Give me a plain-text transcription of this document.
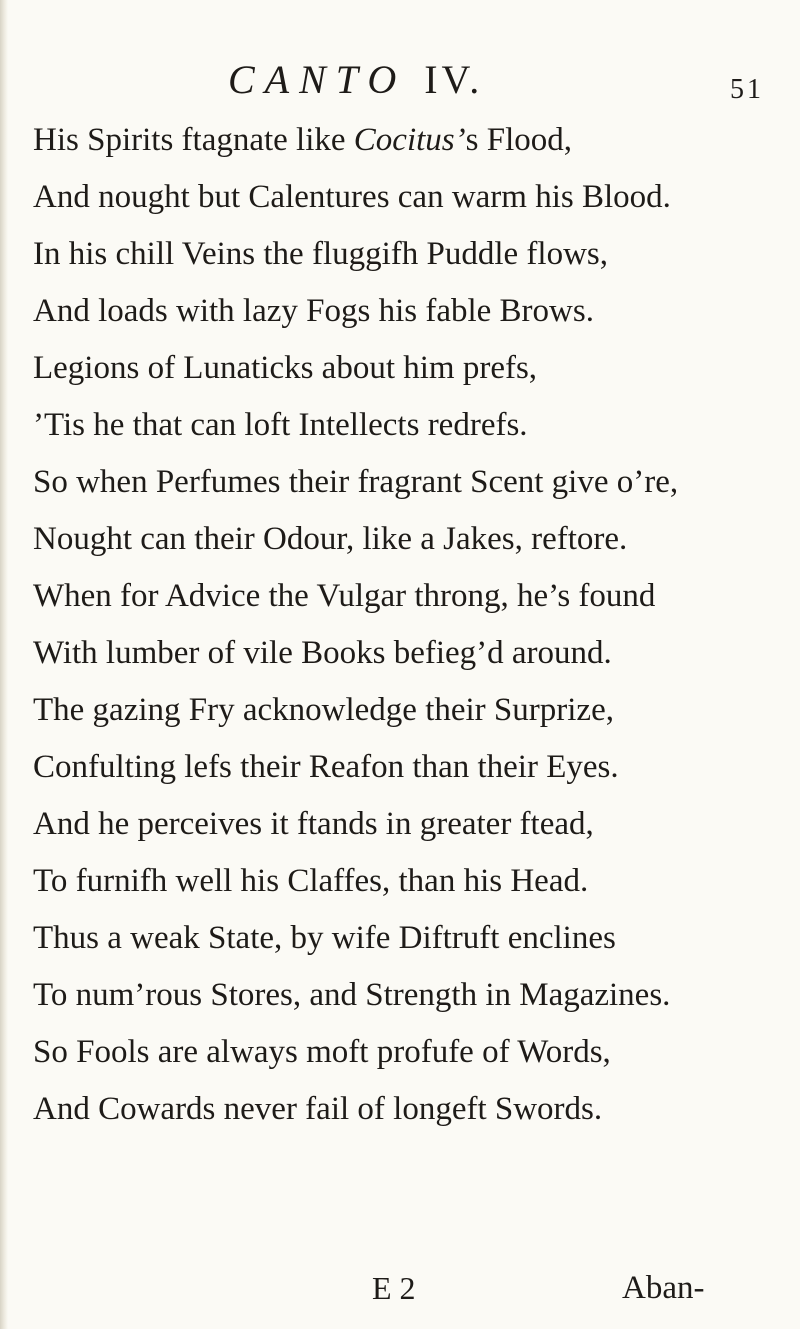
CANTO IV.	51
His Spirits ftagnate like Cocitus’s Flood,
And nought but Calentures can warm his Blood.
In his chill Veins the fluggifh Puddle flows,
And loads with lazy Fogs his fable Brows.
Legions of Lunaticks about him prefs,
’Tis he that can loft Intellects redrefs.
So when Perfumes their fragrant Scent give o’re,
Nought can their Odour, like a Jakes, reftore.
When for Advice the Vulgar throng, he’s found
With lumber of vile Books befieg’d around.
The gazing Fry acknowledge their Surprize,
Confulting lefs their Reafon than their Eyes.
And he perceives it ftands in greater ftead,
To furnifh well his Claffes, than his Head.
Thus a weak State, by wife Diftruft enclines
To num’rous Stores, and Strength in Magazines.
So Fools are always moft profufe of Words,
And Cowards never fail of longeft Swords.
E 2	Aban-
